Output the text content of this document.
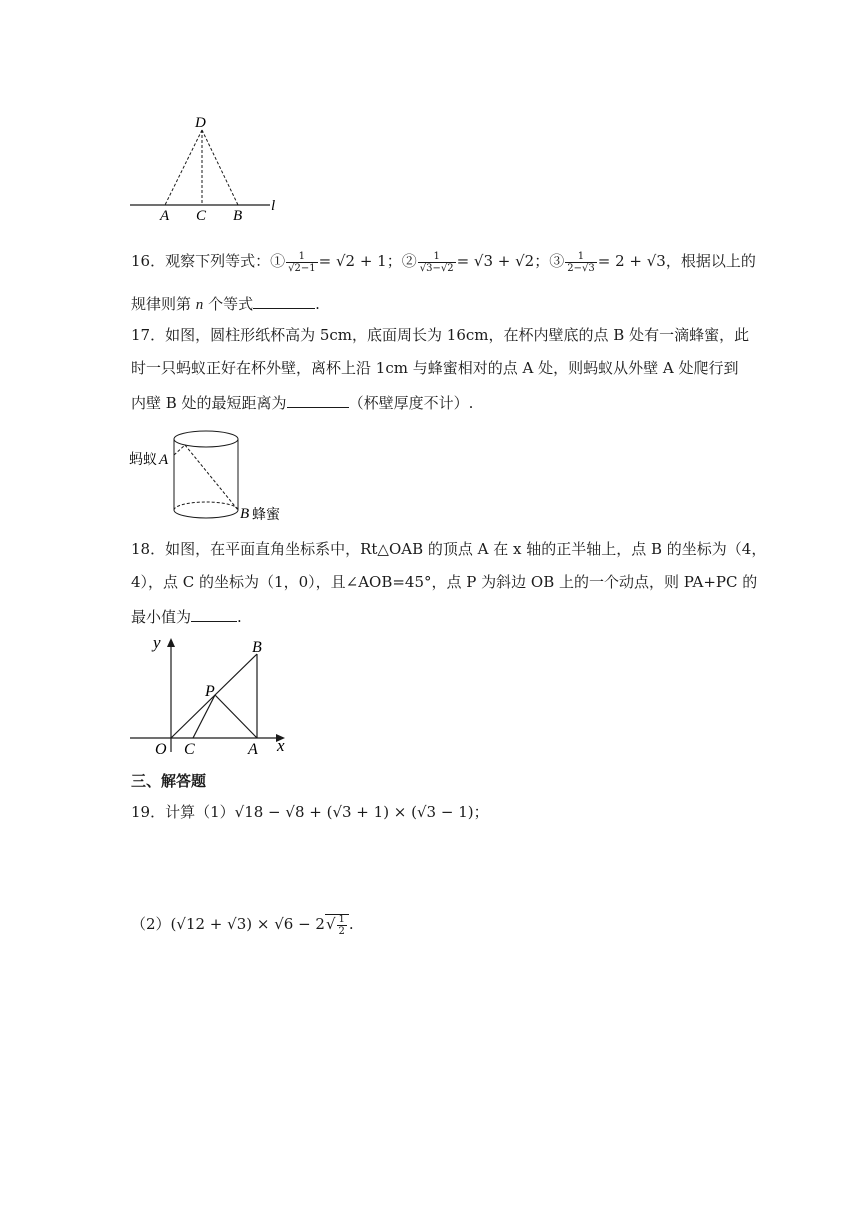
D
A C B
l
16．观察下列等式：① $\frac{1}{√2-1} = √2 + 1$；② $\frac{1}{√3-√2} = √3 + √2$；③ $\frac{1}{2-√3} = 2 + √3$，根据以上的
规律则第 n 个等式	.
17．如图，圆柱形纸杯高为 5cm，底面周长为 16cm，在杯内壁底的点 B 处有一滴蜂蜜，此
时一只蚂蚁正好在杯外壁，离杯上沿 1cm 与蜂蜜相对的点 A 处，则蚂蚁从外壁 A 处爬行到
内壁 B 处的最短距离为	（杯壁厚度不计）.
蚂蚁 A
B 蜂蜜
18．如图，在平面直角坐标系中，Rt△OAB 的顶点 A 在 x 轴的正半轴上，点 B 的坐标为（4，
4），点 C 的坐标为（1，0），且∠AOB=45°，点 P 为斜边 OB 上的一个动点，则 PA+PC 的
最小值为	.
y	B
P
O C	A x
三、解答题
19．计算（1）√18 − √8 + (√3 + 1) × (√3 − 1)；
$(2)(√12 + √3) \times √6 - 2√ \frac{1}{2}$ .
